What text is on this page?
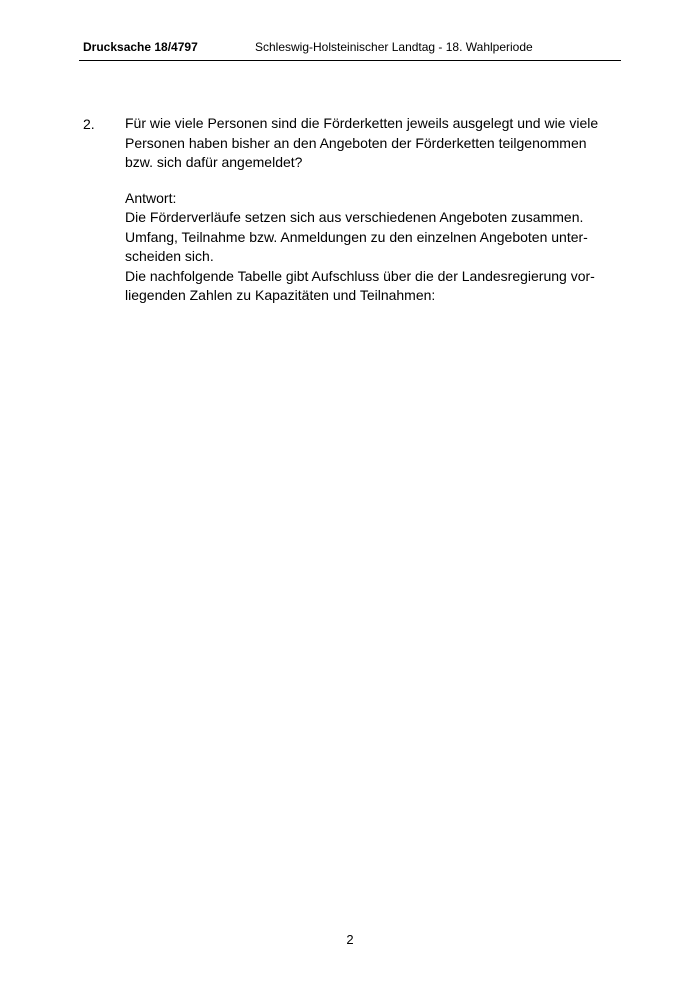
Drucksache 18/4797	Schleswig-Holsteinischer Landtag - 18. Wahlperiode
2. Für wie viele Personen sind die Förderketten jeweils ausgelegt und wie viele
Personen haben bisher an den Angeboten der Förderketten teilgenommen
bzw. sich dafür angemeldet?
Antwort:
Die Förderverläufe setzen sich aus verschiedenen Angeboten zusammen.
Umfang, Teilnahme bzw. Anmeldungen zu den einzelnen Angeboten unter-
scheiden sich.
Die nachfolgende Tabelle gibt Aufschluss über die der Landesregierung vor-
liegenden Zahlen zu Kapazitäten und Teilnahmen:
2
